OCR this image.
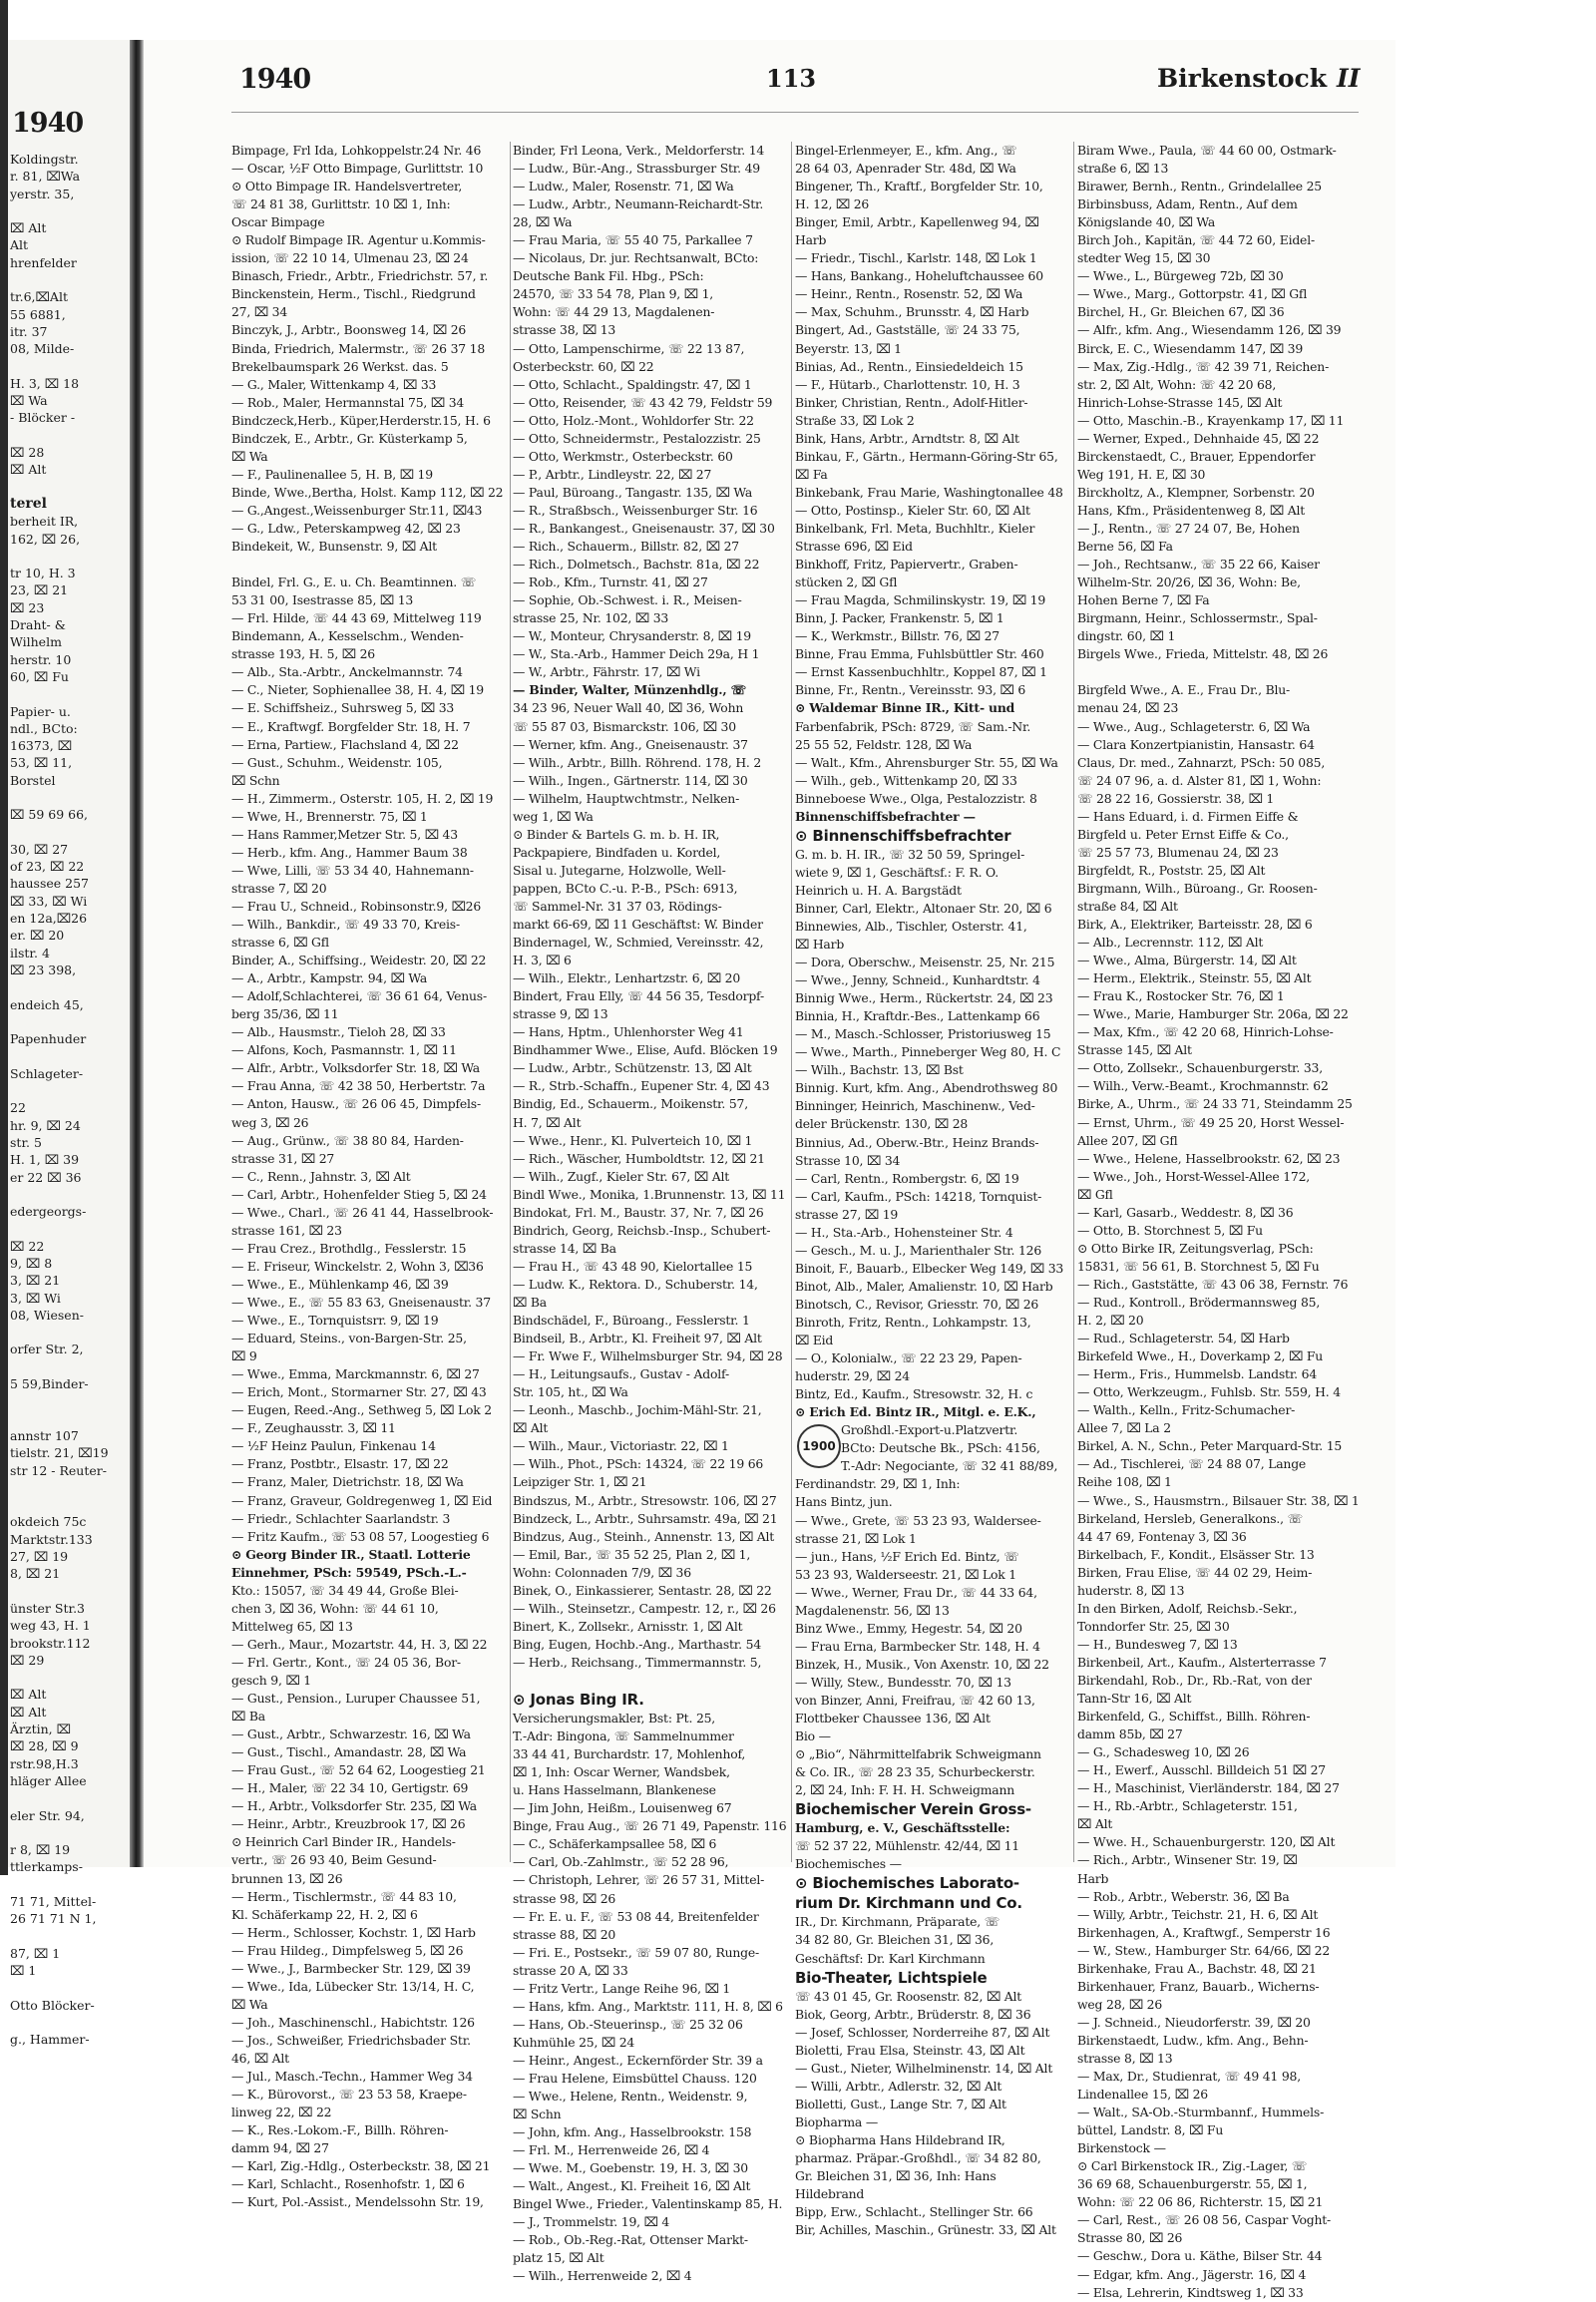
1940
Koldingstr.
r. 81, ⌧Wa
yerstr. 35,

⌧ Alt
Alt
hrenfelder

tr.6,⌧Alt
55 6881,
itr. 37
08, Milde-

H. 3, ⌧ 18
⌧ Wa
- Blöcker -

⌧ 28
⌧ Alt

terel
berheit IR,
162, ⌧ 26,

tr 10, H. 3
23, ⌧ 21
⌧ 23
Draht- &
Wilhelm
herstr. 10
60, ⌧ Fu

Papier- u.
ndl., BCto:
16373, ⌧
53, ⌧ 11,
Borstel

⌧ 59 69 66,

30, ⌧ 27
of 23, ⌧ 22
haussee 257
⌧ 33, ⌧ Wi
en 12a,⌧26
er. ⌧ 20
ilstr. 4
⌧ 23 398,

endeich 45,

Papenhuder

Schlageter-

22
hr. 9, ⌧ 24
str. 5
H. 1, ⌧ 39
er 22 ⌧ 36

edergeorgs-

⌧ 22
9, ⌧ 8
3, ⌧ 21
3, ⌧ Wi
08, Wiesen-

orfer Str. 2,

5 59,Binder-

annstr 107
tielstr. 21, ⌧19
str 12 - Reuter-

okdeich 75c
Marktstr.133
27, ⌧ 19
8, ⌧ 21

ünster Str.3
weg 43, H. 1
brookstr.112
⌧ 29

⌧ Alt
⌧ Alt
Ärztin, ⌧
⌧ 28, ⌧ 9
rstr.98,H.3
hläger Allee

eler Str. 94,

r 8, ⌧ 19
ttlerkamps-

71 71, Mittel-
26 71 71 N 1,

87, ⌧ 1
⌧ 1

Otto Blöcker-

g., Hammer-
1940	113	Birkenstock II
Bimpage, Frl Ida, Lohkoppelstr.24 Nr. 46
— Oscar, ½F Otto Bimpage, Gurlittstr. 10
⊙ Otto Bimpage IR. Handelsvertreter,
☏ 24 81 38, Gurlittstr. 10 ⌧ 1, Inh:
Oscar Bimpage
⊙ Rudolf Bimpage IR. Agentur u.Kommis-
ission, ☏ 22 10 14, Ulmenau 23, ⌧ 24
Binasch, Friedr., Arbtr., Friedrichstr. 57, r.
Binckenstein, Herm., Tischl., Riedgrund
27, ⌧ 34
Binczyk, J., Arbtr., Boonsweg 14, ⌧ 26
Binda, Friedrich, Malermstr., ☏ 26 37 18
Brekelbaumspark 26 Werkst. das. 5
— G., Maler, Wittenkamp 4, ⌧ 33
— Rob., Maler, Hermannstal 75, ⌧ 34
Bindczeck,Herb., Küper,Herderstr.15, H. 6
Bindczek, E., Arbtr., Gr. Küsterkamp 5,
⌧ Wa
— F., Paulinenallee 5, H. B, ⌧ 19
Binde, Wwe.,Bertha, Holst. Kamp 112, ⌧ 22
— G.,Angest.,Weissenburger Str.11, ⌧43
— G., Ldw., Peterskampweg 42, ⌧ 23
Bindekeit, W., Bunsenstr. 9, ⌧ Alt

Bindel, Frl. G., E. u. Ch. Beamtinnen. ☏
53 31 00, Isestrasse 85, ⌧ 13
— Frl. Hilde, ☏ 44 43 69, Mittelweg 119
Bindemann, A., Kesselschm., Wenden-
strasse 193, H. 5, ⌧ 26
— Alb., Sta.-Arbtr., Anckelmannstr. 74
— C., Nieter, Sophienallee 38, H. 4, ⌧ 19
— E. Schiffsheiz., Suhrsweg 5, ⌧ 33
— E., Kraftwgf. Borgfelder Str. 18, H. 7
— Erna, Partiew., Flachsland 4, ⌧ 22
— Gust., Schuhm., Weidenstr. 105,
⌧ Schn
— H., Zimmerm., Osterstr. 105, H. 2, ⌧ 19
— Wwe, H., Brennerstr. 75, ⌧ 1
— Hans Rammer,Metzer Str. 5, ⌧ 43
— Herb., kfm. Ang., Hammer Baum 38
— Wwe, Lilli, ☏ 53 34 40, Hahnemann-
strasse 7, ⌧ 20
— Frau U., Schneid., Robinsonstr.9, ⌧26
— Wilh., Bankdir., ☏ 49 33 70, Kreis-
strasse 6, ⌧ Gfl
Binder, A., Schiffsing., Weidestr. 20, ⌧ 22
— A., Arbtr., Kampstr. 94, ⌧ Wa
— Adolf,Schlachterei, ☏ 36 61 64, Venus-
berg 35/36, ⌧ 11
— Alb., Hausmstr., Tieloh 28, ⌧ 33
— Alfons, Koch, Pasmannstr. 1, ⌧ 11
— Alfr., Arbtr., Volksdorfer Str. 18, ⌧ Wa
— Frau Anna, ☏ 42 38 50, Herbertstr. 7a
— Anton, Hausw., ☏ 26 06 45, Dimpfels-
weg 3, ⌧ 26
— Aug., Grünw., ☏ 38 80 84, Harden-
strasse 31, ⌧ 27
— C., Renn., Jahnstr. 3, ⌧ Alt
— Carl, Arbtr., Hohenfelder Stieg 5, ⌧ 24
— Wwe., Charl., ☏ 26 41 44, Hasselbrook-
strasse 161, ⌧ 23
— Frau Crez., Brothdlg., Fesslerstr. 15
— E. Friseur, Winckelstr. 2, Wohn 3, ⌧36
— Wwe., E., Mühlenkamp 46, ⌧ 39
— Wwe., E., ☏ 55 83 63, Gneisenaustr. 37
— Wwe., E., Tornquistsrr. 9, ⌧ 19
— Eduard, Steins., von-Bargen-Str. 25,
⌧ 9
— Wwe., Emma, Marckmannstr. 6, ⌧ 27
— Erich, Mont., Stormarner Str. 27, ⌧ 43
— Eugen, Reed.-Ang., Sethweg 5, ⌧ Lok 2
— F., Zeughausstr. 3, ⌧ 11
— ½F Heinz Paulun, Finkenau 14
— Franz, Postbtr., Elsastr. 17, ⌧ 22
— Franz, Maler, Dietrichstr. 18, ⌧ Wa
— Franz, Graveur, Goldregenweg 1, ⌧ Eid
— Friedr., Schlachter Saarlandstr. 3
— Fritz Kaufm., ☏ 53 08 57, Loogestieg 6
⊙ Georg Binder IR., Staatl. Lotterie
Einnehmer, PSch: 59549, PSch.-L.-
Kto.: 15057, ☏ 34 49 44, Große Blei-
chen 3, ⌧ 36, Wohn: ☏ 44 61 10,
Mittelweg 65, ⌧ 13
— Gerh., Maur., Mozartstr. 44, H. 3, ⌧ 22
— Frl. Gertr., Kont., ☏ 24 05 36, Bor-
gesch 9, ⌧ 1
— Gust., Pension., Luruper Chaussee 51,
⌧ Ba
— Gust., Arbtr., Schwarzestr. 16, ⌧ Wa
— Gust., Tischl., Amandastr. 28, ⌧ Wa
— Frau Gust., ☏ 52 64 62, Loogestieg 21
— H., Maler, ☏ 22 34 10, Gertigstr. 69
— H., Arbtr., Volksdorfer Str. 235, ⌧ Wa
— Heinr., Arbtr., Kreuzbrook 17, ⌧ 26
⊙ Heinrich Carl Binder IR., Handels-
vertr., ☏ 26 93 40, Beim Gesund-
brunnen 13, ⌧ 26
— Herm., Tischlermstr., ☏ 44 83 10,
Kl. Schäferkamp 22, H. 2, ⌧ 6
— Herm., Schlosser, Kochstr. 1, ⌧ Harb
— Frau Hildeg., Dimpfelsweg 5, ⌧ 26
— Wwe., J., Barmbecker Str. 129, ⌧ 39
— Wwe., Ida, Lübecker Str. 13/14, H. C,
⌧ Wa
— Joh., Maschinenschl., Habichtstr. 126
— Jos., Schweißer, Friedrichsbader Str.
46, ⌧ Alt
— Jul., Masch.-Techn., Hammer Weg 34
— K., Bürovorst., ☏ 23 53 58, Kraepe-
linweg 22, ⌧ 22
— K., Res.-Lokom.-F., Billh. Röhren-
damm 94, ⌧ 27
— Karl, Zig.-Hdlg., Osterbeckstr. 38, ⌧ 21
— Karl, Schlacht., Rosenhofstr. 1, ⌧ 6
— Kurt, Pol.-Assist., Mendelssohn Str. 19,
Binder, Frl Leona, Verk., Meldorferstr. 14
— Ludw., Bür.-Ang., Strassburger Str. 49
— Ludw., Maler, Rosenstr. 71, ⌧ Wa
— Ludw., Arbtr., Neumann-Reichardt-Str.
28, ⌧ Wa
— Frau Maria, ☏ 55 40 75, Parkallee 7
— Nicolaus, Dr. jur. Rechtsanwalt, BCto:
Deutsche Bank Fil. Hbg., PSch:
24570, ☏ 33 54 78, Plan 9, ⌧ 1,
Wohn: ☏ 44 29 13, Magdalenen-
strasse 38, ⌧ 13
— Otto, Lampenschirme, ☏ 22 13 87,
Osterbeckstr. 60, ⌧ 22
— Otto, Schlacht., Spaldingstr. 47, ⌧ 1
— Otto, Reisender, ☏ 43 42 79, Feldstr 59
— Otto, Holz.-Mont., Wohldorfer Str. 22
— Otto, Schneidermstr., Pestalozzistr. 25
— Otto, Werkmstr., Osterbeckstr. 60
— P., Arbtr., Lindleystr. 22, ⌧ 27
— Paul, Büroang., Tangastr. 135, ⌧ Wa
— R., Straßbsch., Weissenburger Str. 16
— R., Bankangest., Gneisenaustr. 37, ⌧ 30
— Rich., Schauerm., Billstr. 82, ⌧ 27
— Rich., Dolmetsch., Bachstr. 81a, ⌧ 22
— Rob., Kfm., Turnstr. 41, ⌧ 27
— Sophie, Ob.-Schwest. i. R., Meisen-
strasse 25, Nr. 102, ⌧ 33
— W., Monteur, Chrysanderstr. 8, ⌧ 19
— W., Sta.-Arb., Hammer Deich 29a, H 1
— W., Arbtr., Fährstr. 17, ⌧ Wi
— Binder, Walter, Münzenhdlg., ☏
34 23 96, Neuer Wall 40, ⌧ 36, Wohn
☏ 55 87 03, Bismarckstr. 106, ⌧ 30
— Werner, kfm. Ang., Gneisenaustr. 37
— Wilh., Arbtr., Billh. Röhrend. 178, H. 2
— Wilh., Ingen., Gärtnerstr. 114, ⌧ 30
— Wilhelm, Hauptwchtmstr., Nelken-
weg 1, ⌧ Wa
⊙ Binder & Bartels G. m. b. H. IR,
Packpapiere, Bindfaden u. Kordel,
Sisal u. Jutegarne, Holzwolle, Well-
pappen, BCto C.-u. P.-B., PSch: 6913,
☏ Sammel-Nr. 31 37 03, Rödings-
markt 66-69, ⌧ 11 Geschäftst: W. Binder
Bindernagel, W., Schmied, Vereinsstr. 42,
H. 3, ⌧ 6
— Wilh., Elektr., Lenhartzstr. 6, ⌧ 20
Bindert, Frau Elly, ☏ 44 56 35, Tesdorpf-
strasse 9, ⌧ 13
— Hans, Hptm., Uhlenhorster Weg 41
Bindhammer Wwe., Elise, Aufd. Blöcken 19
— Ludw., Arbtr., Schützenstr. 13, ⌧ Alt
— R., Strb.-Schaffn., Eupener Str. 4, ⌧ 43
Bindig, Ed., Schauerm., Moikenstr. 57,
H. 7, ⌧ Alt
— Wwe., Henr., Kl. Pulverteich 10, ⌧ 1
— Rich., Wäscher, Humboldtstr. 12, ⌧ 21
— Wilh., Zugf., Kieler Str. 67, ⌧ Alt
Bindl Wwe., Monika, 1.Brunnenstr. 13, ⌧ 11
Bindokat, Frl. M., Baustr. 37, Nr. 7, ⌧ 26
Bindrich, Georg, Reichsb.-Insp., Schubert-
strasse 14, ⌧ Ba
— Frau H., ☏ 43 48 90, Kielortallee 15
— Ludw. K., Rektora. D., Schuberstr. 14,
⌧ Ba
Bindschädel, F., Büroang., Fesslerstr. 1
Bindseil, B., Arbtr., Kl. Freiheit 97, ⌧ Alt
— Fr. Wwe F., Wilhelmsburger Str. 94, ⌧ 28
— H., Leitungsaufs., Gustav - Adolf-
Str. 105, ht., ⌧ Wa
— Leonh., Maschb., Jochim-Mähl-Str. 21,
⌧ Alt
— Wilh., Maur., Victoriastr. 22, ⌧ 1
— Wilh., Phot., PSch: 14324, ☏ 22 19 66
Leipziger Str. 1, ⌧ 21
Bindszus, M., Arbtr., Stresowstr. 106, ⌧ 27
Bindzeck, L., Arbtr., Suhrsamstr. 49a, ⌧ 21
Bindzus, Aug., Steinh., Annenstr. 13, ⌧ Alt
— Emil, Bar., ☏ 35 52 25, Plan 2, ⌧ 1,
Wohn: Colonnaden 7/9, ⌧ 36
Binek, O., Einkassierer, Sentastr. 28, ⌧ 22
— Wilh., Steinsetzr., Campestr. 12, r., ⌧ 26
Binert, K., Zollsekr., Arnisstr. 1, ⌧ Alt
Bing, Eugen, Hochb.-Ang., Marthastr. 54
— Herb., Reichsang., Timmermannstr. 5,

⊙ Jonas Bing IR.
Versicherungsmakler, Bst: Pt. 25,
T.-Adr: Bingona, ☏ Sammelnummer
33 44 41, Burchardstr. 17, Mohlenhof,
⌧ 1, Inh: Oscar Werner, Wandsbek,
u. Hans Hasselmann, Blankenese
— Jim John, Heißm., Louisenweg 67
Binge, Frau Aug., ☏ 26 71 49, Papenstr. 116
— C., Schäferkampsallee 58, ⌧ 6
— Carl, Ob.-Zahlmstr., ☏ 52 28 96,
— Christoph, Lehrer, ☏ 26 57 31, Mittel-
strasse 98, ⌧ 26
— Fr. E. u. F., ☏ 53 08 44, Breitenfelder
strasse 88, ⌧ 20
— Fri. E., Postsekr., ☏ 59 07 80, Runge-
strasse 20 A, ⌧ 33
— Fritz Vertr., Lange Reihe 96, ⌧ 1
— Hans, kfm. Ang., Marktstr. 111, H. 8, ⌧ 6
— Hans, Ob.-Steuerinsp., ☏ 25 32 06
Kuhmühle 25, ⌧ 24
— Heinr., Angest., Eckernförder Str. 39 a
— Frau Helene, Eimsbüttel Chauss. 120
— Wwe., Helene, Rentn., Weidenstr. 9,
⌧ Schn
— John, kfm. Ang., Hasselbrookstr. 158
— Frl. M., Herrenweide 26, ⌧ 4
— Wwe. M., Goebenstr. 19, H. 3, ⌧ 30
— Walt., Angest., Kl. Freiheit 16, ⌧ Alt
Bingel Wwe., Frieder., Valentinskamp 85, H.
— J., Trommelstr. 19, ⌧ 4
— Rob., Ob.-Reg.-Rat, Ottenser Markt-
platz 15, ⌧ Alt
— Wilh., Herrenweide 2, ⌧ 4
Bingel-Erlenmeyer, E., kfm. Ang., ☏
28 64 03, Apenrader Str. 48d, ⌧ Wa
Bingener, Th., Kraftf., Borgfelder Str. 10,
H. 12, ⌧ 26
Binger, Emil, Arbtr., Kapellenweg 94, ⌧
Harb
— Friedr., Tischl., Karlstr. 148, ⌧ Lok 1
— Hans, Bankang., Hoheluftchaussee 60
— Heinr., Rentn., Rosenstr. 52, ⌧ Wa
— Max, Schuhm., Brunsstr. 4, ⌧ Harb
Bingert, Ad., Gastställe, ☏ 24 33 75,
Beyerstr. 13, ⌧ 1
Binias, Ad., Rentn., Einsiedeldeich 15
— F., Hütarb., Charlottenstr. 10, H. 3
Binker, Christian, Rentn., Adolf-Hitler-
Straße 33, ⌧ Lok 2
Bink, Hans, Arbtr., Arndtstr. 8, ⌧ Alt
Binkau, F., Gärtn., Hermann-Göring-Str 65,
⌧ Fa
Binkebank, Frau Marie, Washingtonallee 48
— Otto, Postinsp., Kieler Str. 60, ⌧ Alt
Binkelbank, Frl. Meta, Buchhltr., Kieler
Strasse 696, ⌧ Eid
Binkhoff, Fritz, Papiervertr., Graben-
stücken 2, ⌧ Gfl
— Frau Magda, Schmilinskystr. 19, ⌧ 19
Binn, J. Packer, Frankenstr. 5, ⌧ 1
— K., Werkmstr., Billstr. 76, ⌧ 27
Binne, Frau Emma, Fuhlsbüttler Str. 460
— Ernst Kassenbuchhltr., Koppel 87, ⌧ 1
Binne, Fr., Rentn., Vereinsstr. 93, ⌧ 6
⊙ Waldemar Binne IR., Kitt- und
Farbenfabrik, PSch: 8729, ☏ Sam.-Nr.
25 55 52, Feldstr. 128, ⌧ Wa
— Walt., Kfm., Ahrensburger Str. 55, ⌧ Wa
— Wilh., geb., Wittenkamp 20, ⌧ 33
Binneboese Wwe., Olga, Pestalozzistr. 8
Binnenschiffsbefrachter —
⊙ Binnenschiffsbefrachter
G. m. b. H. IR., ☏ 32 50 59, Springel-
wiete 9, ⌧ 1, Geschäftsf.: F. R. O.
Heinrich u. H. A. Bargstädt
Binner, Carl, Elektr., Altonaer Str. 20, ⌧ 6
Binnewies, Alb., Tischler, Osterstr. 41,
⌧ Harb
— Dora, Oberschw., Meisenstr. 25, Nr. 215
— Wwe., Jenny, Schneid., Kunhardtstr. 4
Binnig Wwe., Herm., Rückertstr. 24, ⌧ 23
Binnia, H., Kraftdr.-Bes., Lattenkamp 66
— M., Masch.-Schlosser, Pristoriusweg 15
— Wwe., Marth., Pinneberger Weg 80, H. C
— Wilh., Bachstr. 13, ⌧ Bst
Binnig. Kurt, kfm. Ang., Abendrothsweg 80
Binninger, Heinrich, Maschinenw., Ved-
deler Brückenstr. 130, ⌧ 28
Binnius, Ad., Oberw.-Btr., Heinz Brands-
Strasse 10, ⌧ 34
— Carl, Rentn., Rombergstr. 6, ⌧ 19
— Carl, Kaufm., PSch: 14218, Tornquist-
strasse 27, ⌧ 19
— H., Sta.-Arb., Hohensteiner Str. 4
— Gesch., M. u. J., Marienthaler Str. 126
Binoit, F., Bauarb., Elbecker Weg 149, ⌧ 33
Binot, Alb., Maler, Amalienstr. 10, ⌧ Harb
Binotsch, C., Revisor, Griesstr. 70, ⌧ 26
Binroth, Fritz, Rentn., Lohkampstr. 13,
⌧ Eid
— O., Kolonialw., ☏ 22 23 29, Papen-
huderstr. 29, ⌧ 24
Bintz, Ed., Kaufm., Stresowstr. 32, H. c
⊙ Erich Ed. Bintz IR., Mitgl. e. E.K.,
1900
Großhdl.-Export-u.Platzvertr.
BCto: Deutsche Bk., PSch: 4156,
T.-Adr: Negociante, ☏ 32 41 88/89,
Ferdinandstr. 29, ⌧ 1, Inh:
Hans Bintz, jun.
— Wwe., Grete, ☏ 53 23 93, Waldersee-
strasse 21, ⌧ Lok 1
— jun., Hans, ½F Erich Ed. Bintz, ☏
53 23 93, Walderseestr. 21, ⌧ Lok 1
— Wwe., Werner, Frau Dr., ☏ 44 33 64,
Magdalenenstr. 56, ⌧ 13
Binz Wwe., Emmy, Hegestr. 54, ⌧ 20
— Frau Erna, Barmbecker Str. 148, H. 4
Binzek, H., Musik., Von Axenstr. 10, ⌧ 22
— Willy, Stew., Bundesstr. 70, ⌧ 13
von Binzer, Anni, Freifrau, ☏ 42 60 13,
Flottbeker Chaussee 136, ⌧ Alt
Bio —
⊙ „Bio“, Nährmittelfabrik Schweigmann
& Co. IR., ☏ 28 23 35, Schurbeckerstr.
2, ⌧ 24, Inh: F. H. H. Schweigmann
Biochemischer Verein Gross-
Hamburg, e. V., Geschäftsstelle:
☏ 52 37 22, Mühlenstr. 42/44, ⌧ 11
Biochemisches —
⊙ Biochemisches Laborato-
rium Dr. Kirchmann und Co.
IR., Dr. Kirchmann, Präparate, ☏
34 82 80, Gr. Bleichen 31, ⌧ 36,
Geschäftsf: Dr. Karl Kirchmann
Bio-Theater, Lichtspiele
☏ 43 01 45, Gr. Roosenstr. 82, ⌧ Alt
Biok, Georg, Arbtr., Brüderstr. 8, ⌧ 36
— Josef, Schlosser, Norderreihe 87, ⌧ Alt
Bioletti, Frau Elsa, Steinstr. 43, ⌧ Alt
— Gust., Nieter, Wilhelminenstr. 14, ⌧ Alt
— Willi, Arbtr., Adlerstr. 32, ⌧ Alt
Biolletti, Gust., Lange Str. 7, ⌧ Alt
Biopharma —
⊙ Biopharma Hans Hildebrand IR,
pharmaz. Präpar.-Großhdl., ☏ 34 82 80,
Gr. Bleichen 31, ⌧ 36, Inh: Hans
Hildebrand
Bipp, Erw., Schlacht., Stellinger Str. 66
Bir, Achilles, Maschin., Grünestr. 33, ⌧ Alt
Biram Wwe., Paula, ☏ 44 60 00, Ostmark-
straße 6, ⌧ 13
Birawer, Bernh., Rentn., Grindelallee 25
Birbinsbuss, Adam, Rentn., Auf dem
Königslande 40, ⌧ Wa
Birch Joh., Kapitän, ☏ 44 72 60, Eidel-
stedter Weg 15, ⌧ 30
— Wwe., L., Bürgeweg 72b, ⌧ 30
— Wwe., Marg., Gottorpstr. 41, ⌧ Gfl
Birchel, H., Gr. Bleichen 67, ⌧ 36
— Alfr., kfm. Ang., Wiesendamm 126, ⌧ 39
Birck, E. C., Wiesendamm 147, ⌧ 39
— Max, Zig.-Hdlg., ☏ 42 39 71, Reichen-
str. 2, ⌧ Alt, Wohn: ☏ 42 20 68,
Hinrich-Lohse-Strasse 145, ⌧ Alt
— Otto, Maschin.-B., Krayenkamp 17, ⌧ 11
— Werner, Exped., Dehnhaide 45, ⌧ 22
Birckenstaedt, C., Brauer, Eppendorfer
Weg 191, H. E, ⌧ 30
Birckholtz, A., Klempner, Sorbenstr. 20
Hans, Kfm., Präsidentenweg 8, ⌧ Alt
— J., Rentn., ☏ 27 24 07, Be, Hohen
Berne 56, ⌧ Fa
— Joh., Rechtsanw., ☏ 35 22 66, Kaiser
Wilhelm-Str. 20/26, ⌧ 36, Wohn: Be,
Hohen Berne 7, ⌧ Fa
Birgmann, Heinr., Schlossermstr., Spal-
dingstr. 60, ⌧ 1
Birgels Wwe., Frieda, Mittelstr. 48, ⌧ 26

Birgfeld Wwe., A. E., Frau Dr., Blu-
menau 24, ⌧ 23
— Wwe., Aug., Schlageterstr. 6, ⌧ Wa
— Clara Konzertpianistin, Hansastr. 64
Claus, Dr. med., Zahnarzt, PSch: 50 085,
☏ 24 07 96, a. d. Alster 81, ⌧ 1, Wohn:
☏ 28 22 16, Gossierstr. 38, ⌧ 1
— Hans Eduard, i. d. Firmen Eiffe &
Birgfeld u. Peter Ernst Eiffe & Co.,
☏ 25 57 73, Blumenau 24, ⌧ 23
Birgfeldt, R., Poststr. 25, ⌧ Alt
Birgmann, Wilh., Büroang., Gr. Roosen-
straße 84, ⌧ Alt
Birk, A., Elektriker, Barteisstr. 28, ⌧ 6
— Alb., Lecrennstr. 112, ⌧ Alt
— Wwe., Alma, Bürgerstr. 14, ⌧ Alt
— Herm., Elektrik., Steinstr. 55, ⌧ Alt
— Frau K., Rostocker Str. 76, ⌧ 1
— Wwe., Marie, Hamburger Str. 206a, ⌧ 22
— Max, Kfm., ☏ 42 20 68, Hinrich-Lohse-
Strasse 145, ⌧ Alt
— Otto, Zollsekr., Schauenburgerstr. 33,
— Wilh., Verw.-Beamt., Krochmannstr. 62
Birke, A., Uhrm., ☏ 24 33 71, Steindamm 25
— Ernst, Uhrm., ☏ 49 25 20, Horst Wessel-
Allee 207, ⌧ Gfl
— Wwe., Helene, Hasselbrookstr. 62, ⌧ 23
— Wwe., Joh., Horst-Wessel-Allee 172,
⌧ Gfl
— Karl, Gasarb., Weddestr. 8, ⌧ 36
— Otto, B. Storchnest 5, ⌧ Fu
⊙ Otto Birke IR, Zeitungsverlag, PSch:
15831, ☏ 56 61, B. Storchnest 5, ⌧ Fu
— Rich., Gaststätte, ☏ 43 06 38, Fernstr. 76
— Rud., Kontroll., Brödermannsweg 85,
H. 2, ⌧ 20
— Rud., Schlageterstr. 54, ⌧ Harb
Birkefeld Wwe., H., Doverkamp 2, ⌧ Fu
— Herm., Fris., Hummelsb. Landstr. 64
— Otto, Werkzeugm., Fuhlsb. Str. 559, H. 4
— Walth., Kelln., Fritz-Schumacher-
Allee 7, ⌧ La 2
Birkel, A. N., Schn., Peter Marquard-Str. 15
— Ad., Tischlerei, ☏ 24 88 07, Lange
Reihe 108, ⌧ 1
— Wwe., S., Hausmstrn., Bilsauer Str. 38, ⌧ 1
Birkeland, Hersleb, Generalkons., ☏
44 47 69, Fontenay 3, ⌧ 36
Birkelbach, F., Kondit., Elsässer Str. 13
Birken, Frau Elise, ☏ 44 02 29, Heim-
huderstr. 8, ⌧ 13
In den Birken, Adolf, Reichsb.-Sekr.,
Tonndorfer Str. 25, ⌧ 30
— H., Bundesweg 7, ⌧ 13
Birkenbeil, Art., Kaufm., Alsterterrasse 7
Birkendahl, Rob., Dr., Rb.-Rat, von der
Tann-Str 16, ⌧ Alt
Birkenfeld, G., Schiffst., Billh. Röhren-
damm 85b, ⌧ 27
— G., Schadesweg 10, ⌧ 26
— H., Ewerf., Ausschl. Billdeich 51 ⌧ 27
— H., Maschinist, Vierländerstr. 184, ⌧ 27
— H., Rb.-Arbtr., Schlageterstr. 151,
⌧ Alt
— Wwe. H., Schauenburgerstr. 120, ⌧ Alt
— Rich., Arbtr., Winsener Str. 19, ⌧
Harb
— Rob., Arbtr., Weberstr. 36, ⌧ Ba
— Willy, Arbtr., Teichstr. 21, H. 6, ⌧ Alt
Birkenhagen, A., Kraftwgf., Semperstr 16
— W., Stew., Hamburger Str. 64/66, ⌧ 22
Birkenhake, Frau A., Bachstr. 48, ⌧ 21
Birkenhauer, Franz, Bauarb., Wicherns-
weg 28, ⌧ 26
— J. Schneid., Nieudorferstr. 39, ⌧ 20
Birkenstaedt, Ludw., kfm. Ang., Behn-
strasse 8, ⌧ 13
— Max, Dr., Studienrat, ☏ 49 41 98,
Lindenallee 15, ⌧ 26
— Walt., SA-Ob.-Sturmbannf., Hummels-
büttel, Landstr. 8, ⌧ Fu
Birkenstock —
⊙ Carl Birkenstock IR., Zig.-Lager, ☏
36 69 68, Schauenburgerstr. 55, ⌧ 1,
Wohn: ☏ 22 06 86, Richterstr. 15, ⌧ 21
— Carl, Rest., ☏ 26 08 56, Caspar Voght-
Strasse 80, ⌧ 26
— Geschw., Dora u. Käthe, Bilser Str. 44
— Edgar, kfm. Ang., Jägerstr. 16, ⌧ 4
— Elsa, Lehrerin, Kindtsweg 1, ⌧ 33
